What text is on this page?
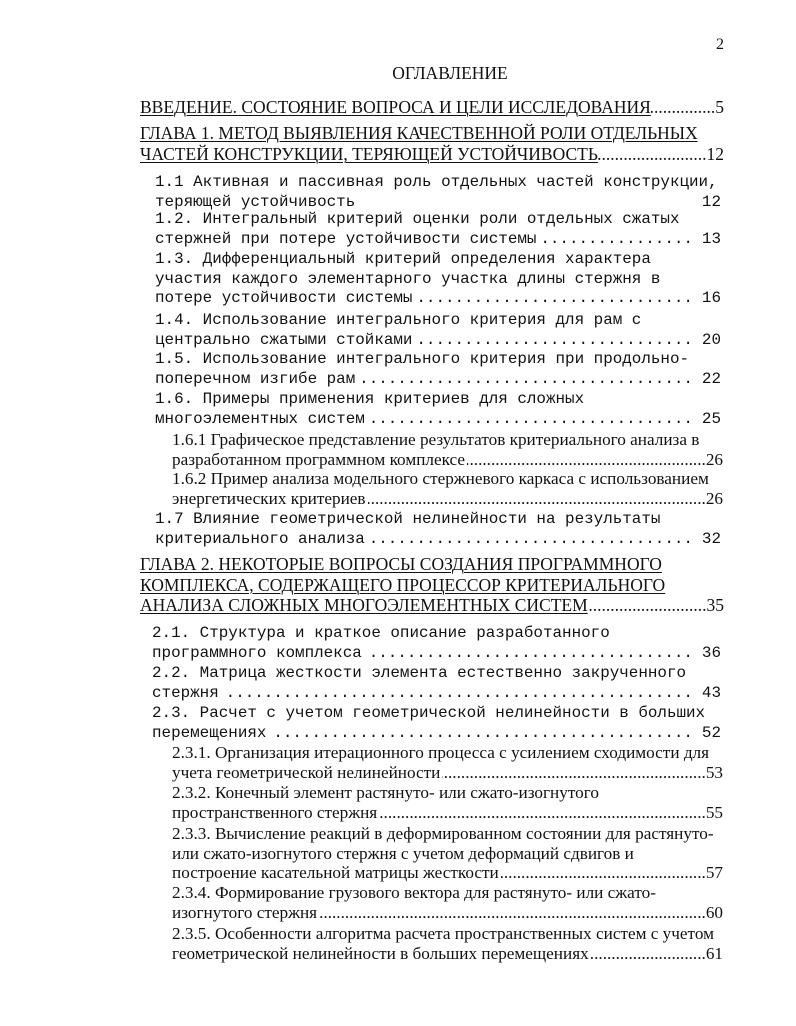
2
ОГЛАВЛЕНИЕ
ВВЕДЕНИЕ. СОСТОЯНИЕ ВОПРОСА И ЦЕЛИ ИССЛЕДОВАНИЯ .....	5
ГЛАВА 1. МЕТОД ВЫЯВЛЕНИЯ КАЧЕСТВЕННОЙ РОЛИ ОТДЕЛЬНЫХ
ЧАСТЕЙ КОНСТРУКЦИИ, ТЕРЯЮЩЕЙ УСТОЙЧИВОСТЬ .....	12
1.1 Активная и пассивная роль отдельных частей конструкции,
теряющей устойчивость	12
1.2. Интегральный критерий оценки роли отдельных сжатых
стержней при потере устойчивости системы .....	13
1.3. Дифференциальный критерий определения характера
участия каждого элементарного участка длины стержня в
потере устойчивости системы .....	16
1.4. Использование интегрального критерия для рам с
центрально сжатыми стойками .....	20
1.5. Использование интегрального критерия при продольно-
поперечном изгибе рам .....	22
1.6. Примеры применения критериев для сложных
многоэлементных систем .....	25
1.6.1 Графическое представление результатов критериального анализа в
разработанном программном комплексе .....	26
1.6.2 Пример анализа модельного стержневого каркаса с использованием
энергетических критериев .....	26
1.7 Влияние геометрической нелинейности на результаты
критериального анализа .....	32
ГЛАВА 2. НЕКОТОРЫЕ ВОПРОСЫ СОЗДАНИЯ ПРОГРАММНОГО
КОМПЛЕКСА, СОДЕРЖАЩЕГО ПРОЦЕССОР КРИТЕРИАЛЬНОГО
АНАЛИЗА СЛОЖНЫХ МНОГОЭЛЕМЕНТНЫХ СИСТЕМ .....	35
2.1. Структура и краткое описание разработанного
программного комплекса .....	36
2.2. Матрица жесткости элемента естественно закрученного
стержня .....	43
2.3. Расчет с учетом геометрической нелинейности в больших
перемещениях .....	52
2.3.1. Организация итерационного процесса с усилением сходимости для
учета геометрической нелинейности .....	53
2.3.2. Конечный элемент растянуто- или сжато-изогнутого
пространственного стержня .....	55
2.3.3. Вычисление реакций в деформированном состоянии для растянуто-
или сжато-изогнутого стержня с учетом деформаций сдвигов и
построение касательной матрицы жесткости .....	57
2.3.4. Формирование грузового вектора для растянуто- или сжато-
изогнутого стержня .....	60
2.3.5. Особенности алгоритма расчета пространственных систем с учетом
геометрической нелинейности в больших перемещениях .....	61
